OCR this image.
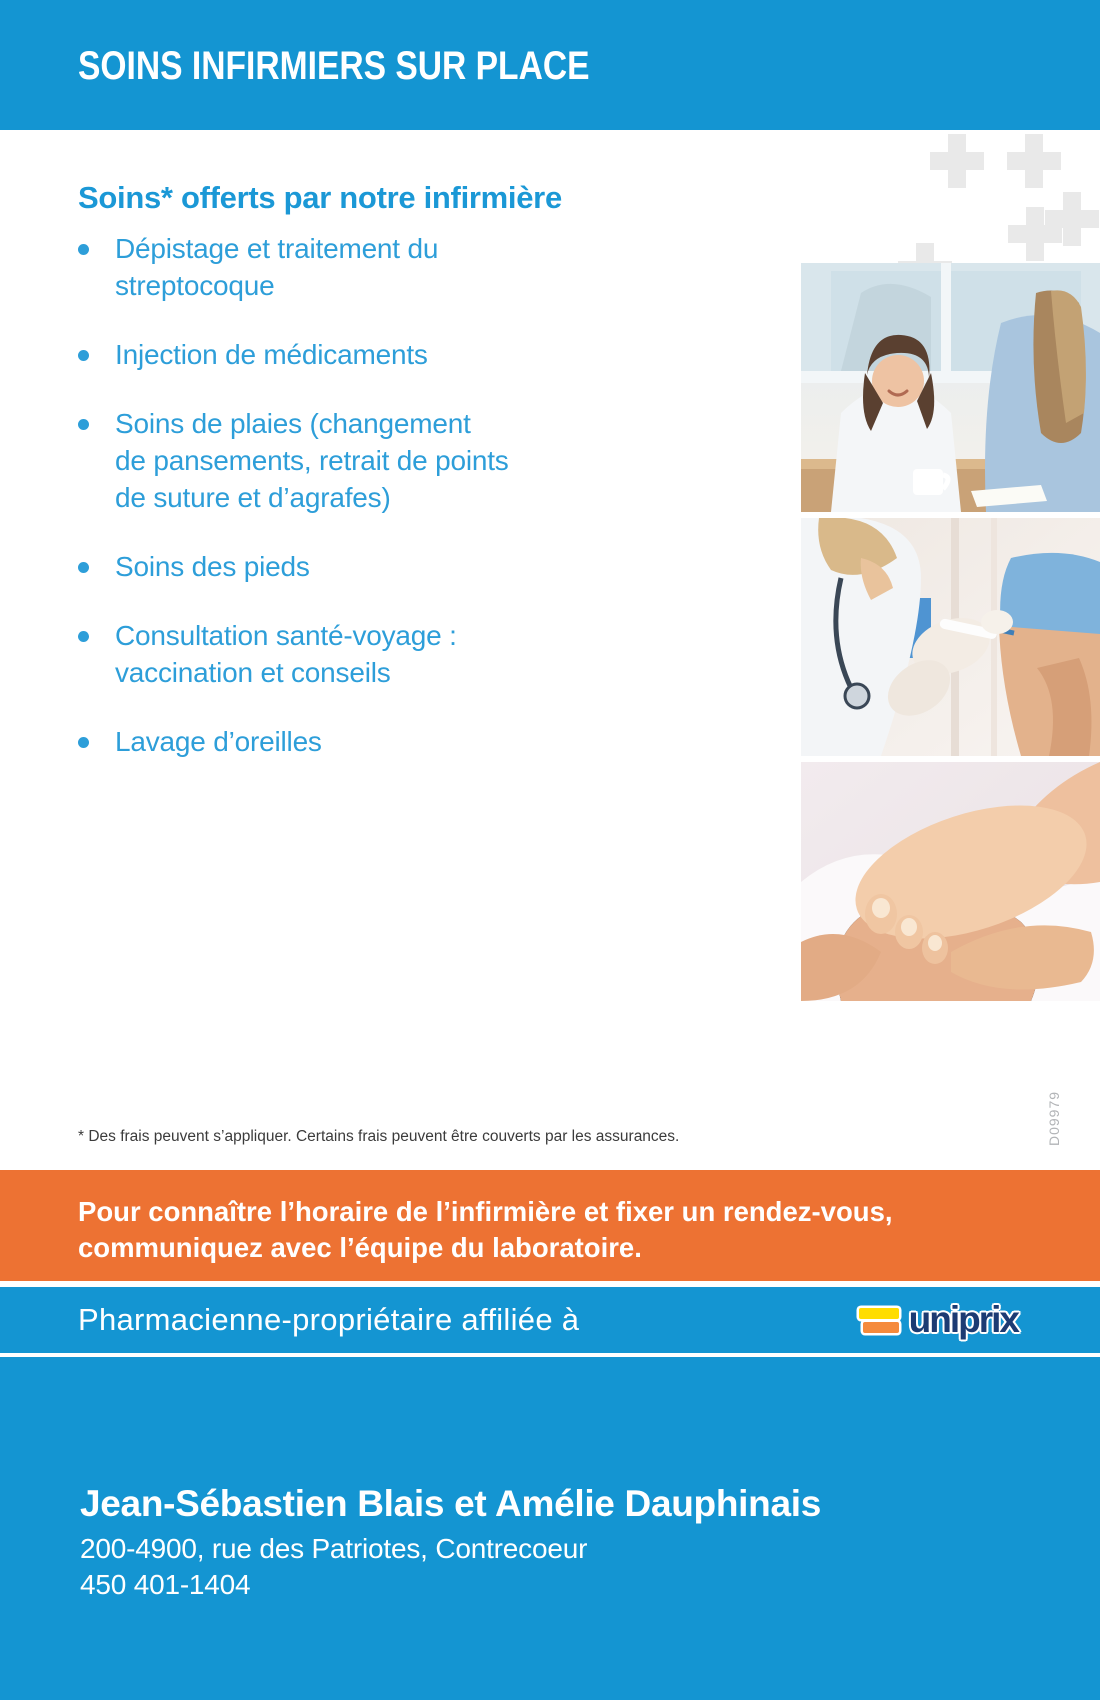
SOINS INFIRMIERS SUR PLACE
Soins* offerts par notre infirmière
Dépistage et traitement du
streptocoque
Injection de médicaments
Soins de plaies (changement
de pansements, retrait de points
de suture et d’agrafes)
Soins des pieds
Consultation santé-voyage :
vaccination et conseils
Lavage d’oreilles
* Des frais peuvent s’appliquer. Certains frais peuvent être couverts par les assurances.	D09979
Pour connaître l’horaire de l’infirmière et fixer un rendez-vous,
communiquez avec l’équipe du laboratoire.
Pharmacienne-propriétaire affiliée à	uniprix
Jean-Sébastien Blais et Amélie Dauphinais
200-4900, rue des Patriotes, Contrecoeur
450 401-1404
